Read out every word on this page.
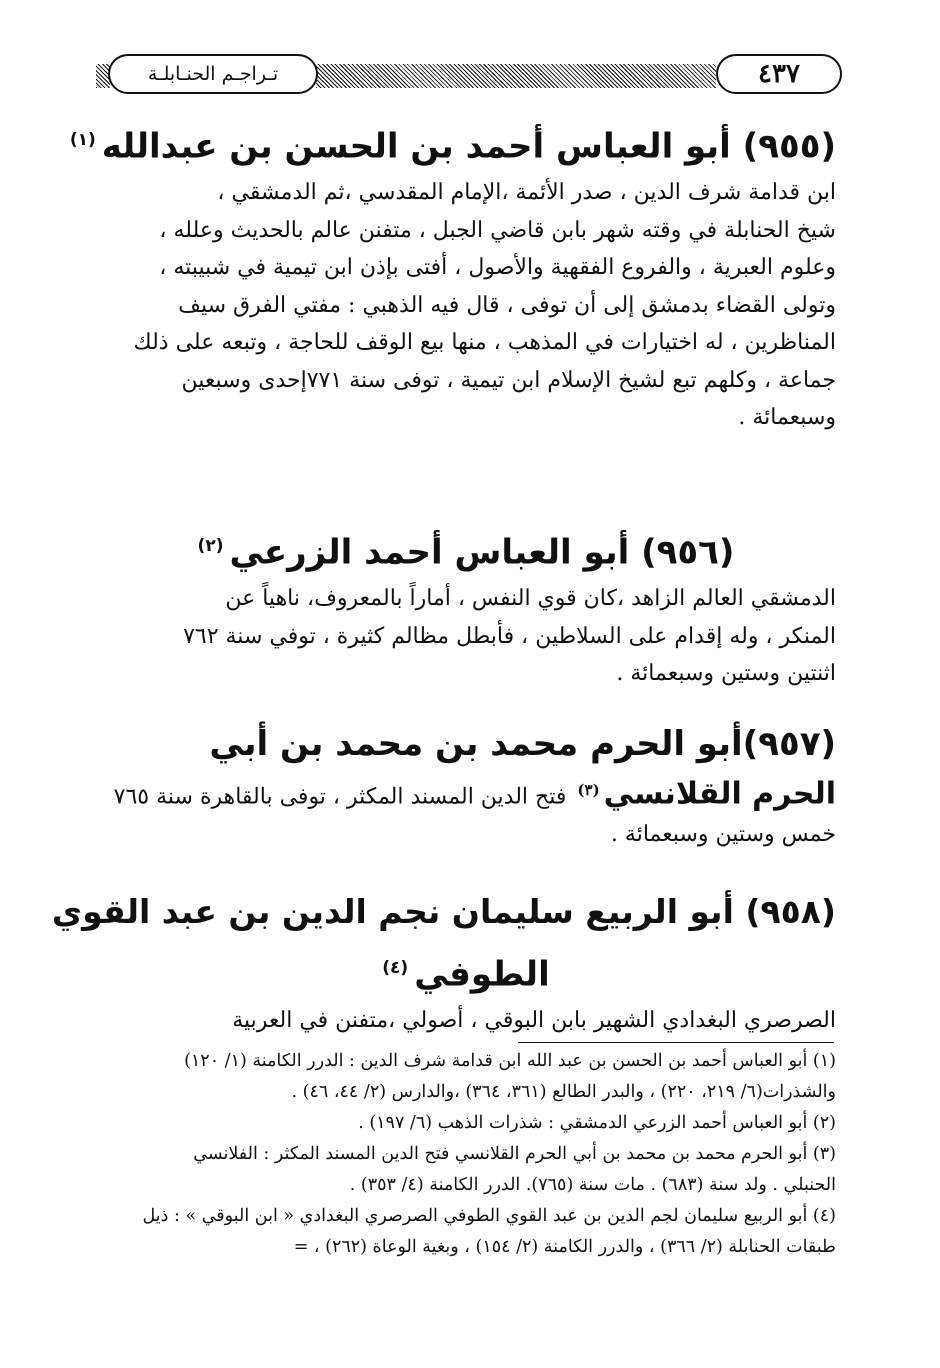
تـراجـم الحنـابلـة	٤٣٧
(٩٥٥) أبو العباس أحمد بن الحسن بن عبدالله$^{(١)}$
ابن قدامة شرف الدين ، صدر الأئمة ،الإمام المقدسي ،ثم الدمشقي ،
شيخ الحنابلة في وقته شهر بابن قاضي الجبل ، متفنن عالم بالحديث وعلله ،
وعلوم العبرية ، والفروع الفقهية والأصول ، أفتى بإذن ابن تيمية في شبيبته ،
وتولى القضاء بدمشق إلى أن توفى ، قال فيه الذهبي : مفتي الفرق سيف
المناظرين ، له اختيارات في المذهب ، منها بيع الوقف للحاجة ، وتبعه على ذلك
جماعة ، وكلهم تبع لشيخ الإسلام ابن تيمية ، توفى سنة ٧٧١إحدى وسبعين
وسبعمائة .
(٩٥٦) أبو العباس أحمد الزرعي$^{(٢)}$
الدمشقي العالم الزاهد ،كان قوي النفس ، أماراً بالمعروف، ناهياً عن
المنكر ، وله إقدام على السلاطين ، فأبطل مظالم كثيرة ، توفي سنة ٧٦٢
اثنتين وستين وسبعمائة .
(٩٥٧)أبو الحرم محمد بن محمد بن أبي
الحرم القلانسي$^{(٣)}$ فتح الدين المسند المكثر ، توفى بالقاهرة سنة ٧٦٥
خمس وستين وسبعمائة .
(٩٥٨) أبو الربيع سليمان نجم الدين بن عبد القوي
الطوفي$^{(٤)}$
الصرصري البغدادي الشهير بابن البوقي ، أصولي ،متفنن في العربية

(١) أبو العباس أحمد بن الحسن بن عبد الله ابن قدامة شرف الدين : الدرر الكامنة (١/ ١٢٠)
والشذرات(٦/ ٢١٩، ٢٢٠) ، والبدر الطالع (٣٦١، ٣٦٤) ،والدارس (٢/ ٤٤، ٤٦) .

(٢) أبو العباس أحمد الزرعي الدمشقي : شذرات الذهب (٦/ ١٩٧) .

(٣) أبو الحرم محمد بن محمد بن أبي الحرم القلانسي فتح الدين المسند المكثر : الفلانسي
الحنبلي . ولد سنة (٦٨٣) . مات سنة (٧٦٥). الدرر الكامنة (٤/ ٣٥٣) .

(٤) أبو الربيع سليمان لجم الدين بن عبد القوي الطوفي الصرصري البغدادي « ابن البوقي » : ذيل
طبقات الحنابلة (٢/ ٣٦٦) ، والدرر الكامنة (٢/ ١٥٤) ، وبغية الوعاة (٢٦٢) ، =
